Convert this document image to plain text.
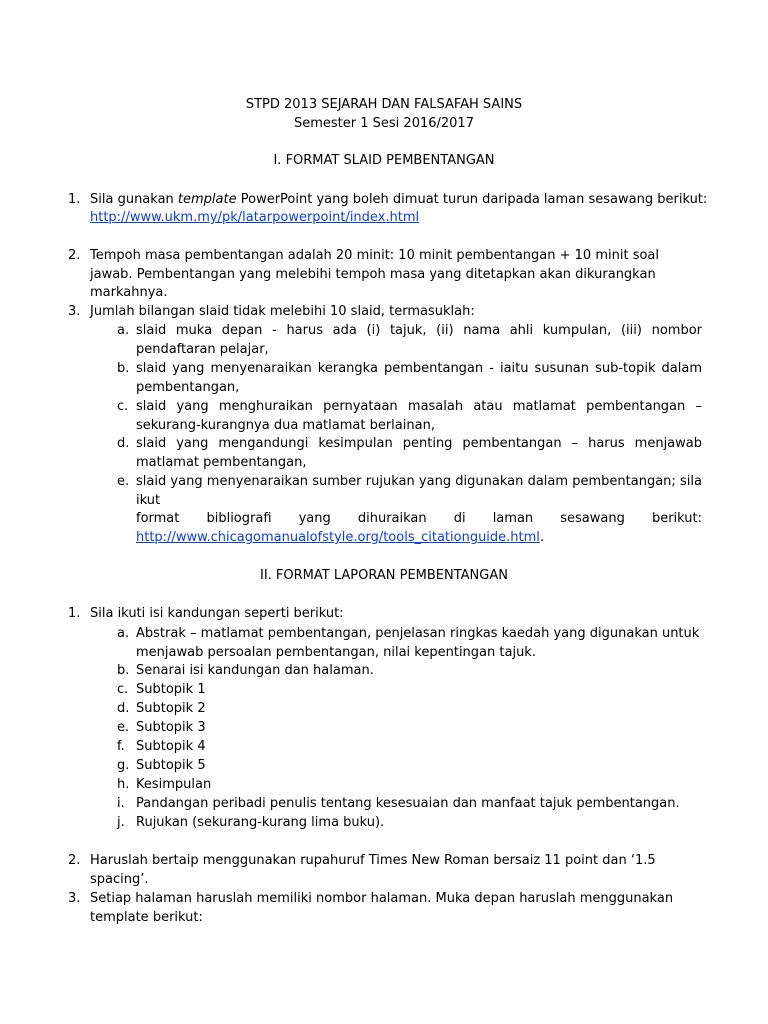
STPD 2013 SEJARAH DAN FALSAFAH SAINS
Semester 1 Sesi 2016/2017
I. FORMAT SLAID PEMBENTANGAN
1. Sila gunakan template PowerPoint yang boleh dimuat turun daripada laman sesawang berikut:
http://www.ukm.my/pk/latarpowerpoint/index.html
2. Tempoh masa pembentangan adalah 20 minit: 10 minit pembentangan + 10 minit soal jawab. Pembentangan yang melebihi tempoh masa yang ditetapkan akan dikurangkan markahnya.
3. Jumlah bilangan slaid tidak melebihi 10 slaid, termasuklah:
a. slaid muka depan - harus ada (i) tajuk, (ii) nama ahli kumpulan, (iii) nombor pendaftaran pelajar,
b. slaid yang menyenaraikan kerangka pembentangan - iaitu susunan sub-topik dalam pembentangan,
c. slaid yang menghuraikan pernyataan masalah atau matlamat pembentangan – sekurang-kurangnya dua matlamat berlainan,
d. slaid yang mengandungi kesimpulan penting pembentangan – harus menjawab matlamat pembentangan,
e. slaid yang menyenaraikan sumber rujukan yang digunakan dalam pembentangan; sila ikut
format bibliografi yang dihuraikan di laman sesawang berikut:
http://www.chicagomanualofstyle.org/tools_citationguide.html.
II. FORMAT LAPORAN PEMBENTANGAN
1. Sila ikuti isi kandungan seperti berikut:
a. Abstrak – matlamat pembentangan, penjelasan ringkas kaedah yang digunakan untuk
menjawab persoalan pembentangan, nilai kepentingan tajuk.
b. Senarai isi kandungan dan halaman.
c. Subtopik 1
d. Subtopik 2
e. Subtopik 3
f. Subtopik 4
g. Subtopik 5
h. Kesimpulan
i. Pandangan peribadi penulis tentang kesesuaian dan manfaat tajuk pembentangan.
j. Rujukan (sekurang-kurang lima buku).
2. Haruslah bertaip menggunakan rupahuruf Times New Roman bersaiz 11 point dan ‘1.5 spacing’.
3. Setiap halaman haruslah memiliki nombor halaman. Muka depan haruslah menggunakan template berikut:
